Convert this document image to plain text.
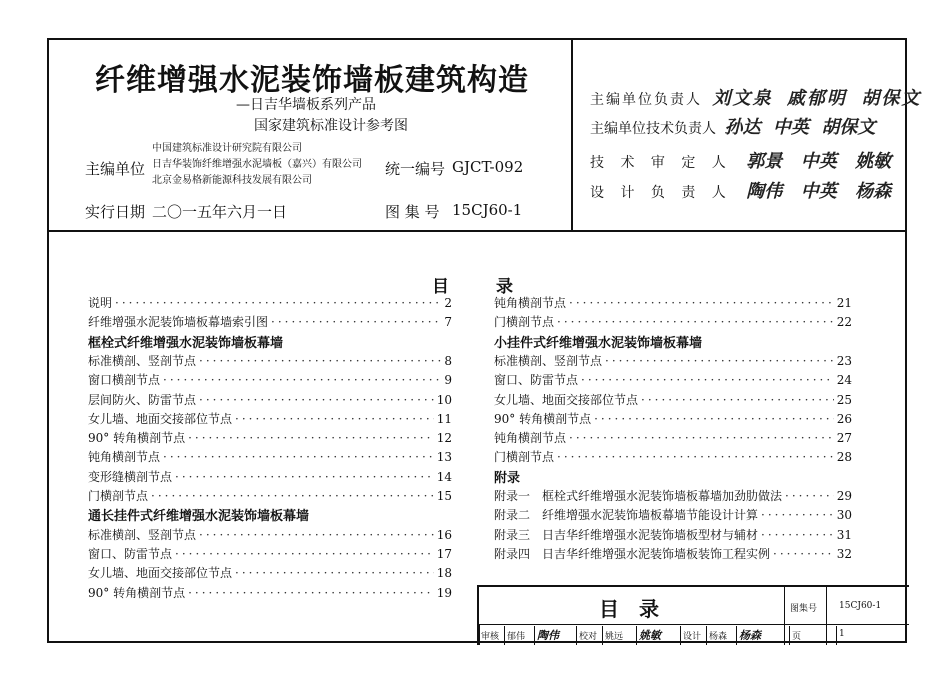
纤维增强水泥装饰墙板建筑构造
—日吉华墙板系列产品
国家建筑标准设计参考图
主编单位
中国建筑标准设计研究院有限公司
日吉华装饰纤维增强水泥墙板（嘉兴）有限公司
北京金易格新能源科技发展有限公司
统一编号 GJCT-092
实行日期 二〇一五年六月一日	图 集 号 15CJ60-1
主编单位负责人 刘文泉 戚郁明 胡保文
主编单位技术负责人 孙达 中英 胡保文
技 术 审 定 人 郭景 中英 姚敏
设 计 负 责 人 陶伟 中英 杨森
目	录
说明 ·····	2
纤维增强水泥装饰墙板幕墙索引图 ·····	7
框栓式纤维增强水泥装饰墙板幕墙
标准横剖、竖剖节点 ·····	8
窗口横剖节点 ·····	9
层间防火、防雷节点 ·····	10
女儿墙、地面交接部位节点 ·····	11
90° 转角横剖节点 ·····	12
钝角横剖节点 ·····	13
变形缝横剖节点 ·····	14
门横剖节点 ·····	15
通长挂件式纤维增强水泥装饰墙板幕墙
标准横剖、竖剖节点 ·····	16
窗口、防雷节点 ·····	17
女儿墙、地面交接部位节点 ·····	18
90° 转角横剖节点 ·····	19
钝角横剖节点 ·····	21
门横剖节点 ·····	22
小挂件式纤维增强水泥装饰墙板幕墙
标准横剖、竖剖节点 ·····	23
窗口、防雷节点 ·····	24
女儿墙、地面交接部位节点 ·····	25
90° 转角横剖节点 ·····	26
钝角横剖节点 ·····	27
门横剖节点 ·····	28
附录
附录一　框栓式纤维增强水泥装饰墙板幕墙加劲肋做法 ·····	29
附录二　纤维增强水泥装饰墙板幕墙节能设计计算 ·····	30
附录三　日吉华纤维增强水泥装饰墙板型材与辅材 ·····	31
附录四　日吉华纤维增强水泥装饰墙板装饰工程实例 ·····	32
目　录	图集号 15CJ60-1
审核 郁伟 陶伟 校对 姚远 姚敏 设计 杨森 杨森	页	1
